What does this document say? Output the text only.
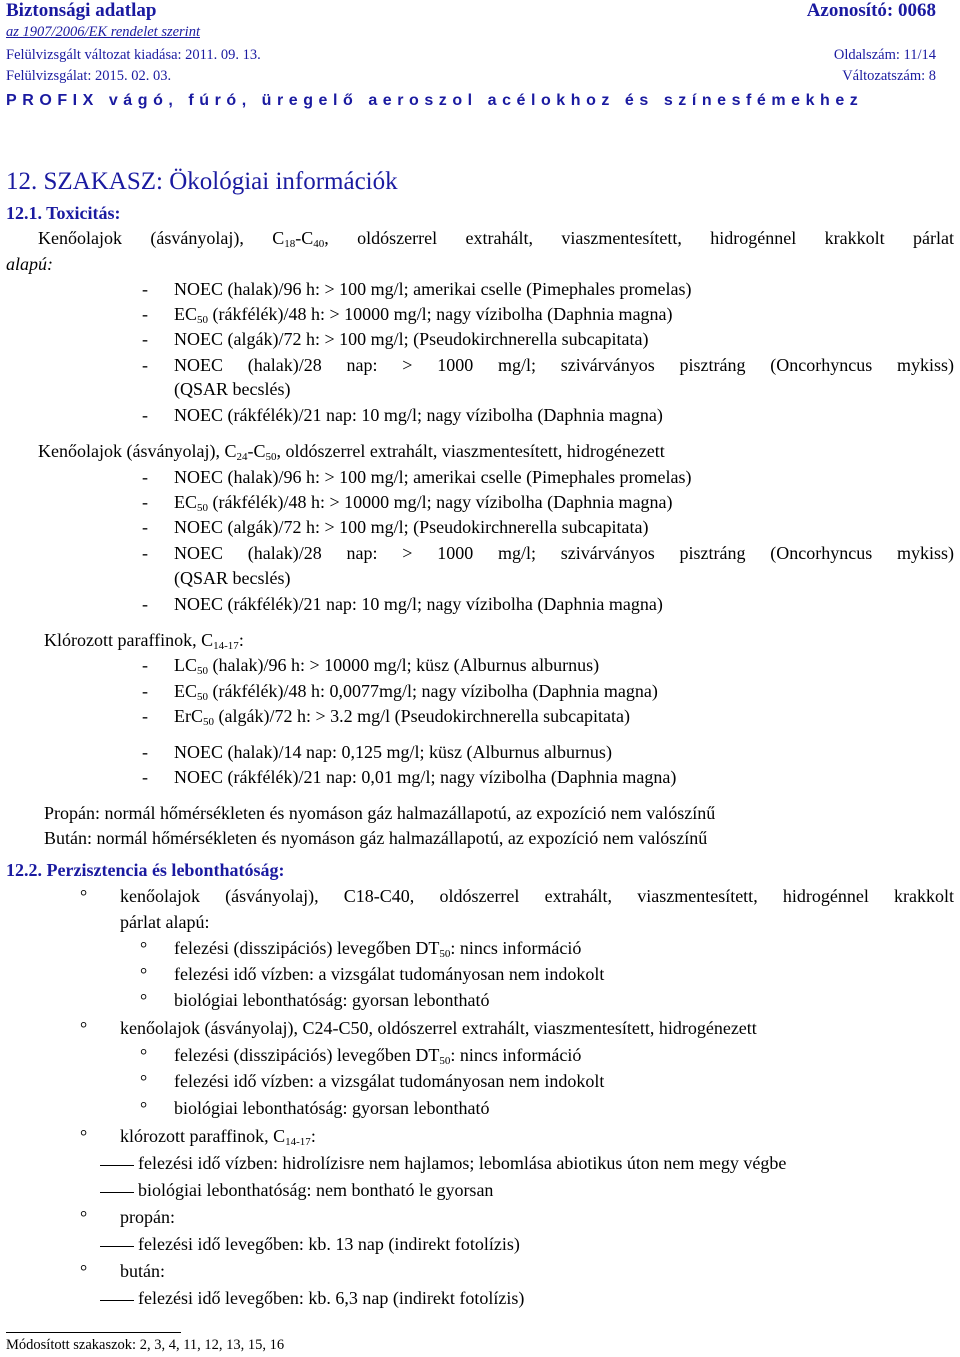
Biztonsági adatlap	Azonosító: 0068
az 1907/2006/EK rendelet szerint
Felülvizsgált változat kiadása: 2011. 09. 13.	Oldalszám: 11/14
Felülvizsgálat: 2015. 02. 03.	Változatszám: 8
PROFIX vágó, fúró, üregelő aeroszol acélokhoz és színesfémekhez
12. SZAKASZ: Ökológiai információk
12.1. Toxicitás:
Kenőolajok (ásványolaj), $C_{18}-C_{40}$, oldószerrel extrahált, viaszmentesített, hidrogénnel krakkolt párlat
alapú:
- NOEC (halak)/96 h: > 100 mg/l; amerikai cselle (Pimephales promelas)
- $EC_{50}$ (rákfélék)/48 h: > 10000 mg/l; nagy vízibolha (Daphnia magna)
- NOEC (algák)/72 h: > 100 mg/l; (Pseudokirchnerella subcapitata)
- NOEC (halak)/28 nap: > 1000 mg/l; szivárványos pisztráng (Oncorhyncus mykiss)
(QSAR becslés)
- NOEC (rákfélék)/21 nap: 10 mg/l; nagy vízibolha (Daphnia magna)
Kenőolajok (ásványolaj), $C_{24}-C_{50}$, oldószerrel extrahált, viaszmentesített, hidrogénezett
- NOEC (halak)/96 h: > 100 mg/l; amerikai cselle (Pimephales promelas)
- $EC_{50}$ (rákfélék)/48 h: > 10000 mg/l; nagy vízibolha (Daphnia magna)
- NOEC (algák)/72 h: > 100 mg/l; (Pseudokirchnerella subcapitata)
- NOEC (halak)/28 nap: > 1000 mg/l; szivárványos pisztráng (Oncorhyncus mykiss)
(QSAR becslés)
- NOEC (rákfélék)/21 nap: 10 mg/l; nagy vízibolha (Daphnia magna)
Klórozott paraffinok, $C_{14-17}$:
- $LC_{50}$ (halak)/96 h: > 10000 mg/l; küsz (Alburnus alburnus)
- $EC_{50}$ (rákfélék)/48 h: 0,0077mg/l; nagy vízibolha (Daphnia magna)
- ErC$_{50}$ (algák)/72 h: > 3.2 mg/l (Pseudokirchnerella subcapitata)
- NOEC (halak)/14 nap: 0,125 mg/l; küsz (Alburnus alburnus)
- NOEC (rákfélék)/21 nap: 0,01 mg/l; nagy vízibolha (Daphnia magna)
Propán: normál hőmérsékleten és nyomáson gáz halmazállapotú, az expozíció nem valószínű
Bután: normál hőmérsékleten és nyomáson gáz halmazállapotú, az expozíció nem valószínű
12.2. Perzisztencia és lebonthatóság:
° kenőolajok (ásványolaj), C18-C40, oldószerrel extrahált, viaszmentesített, hidrogénnel krakkolt
párlat alapú:
° felezési (disszipációs) levegőben $DT_{50}$: nincs információ
° felezési idő vízben: a vizsgálat tudományosan nem indokolt
° biológiai lebonthatóság: gyorsan lebontható
° kenőolajok (ásványolaj), C24-C50, oldószerrel extrahált, viaszmentesített, hidrogénezett
° felezési (disszipációs) levegőben $DT_{50}$: nincs információ
° felezési idő vízben: a vizsgálat tudományosan nem indokolt
° biológiai lebonthatóság: gyorsan lebontható
° klórozott paraffinok, $C_{14-17}$:
felezési idő vízben: hidrolízisre nem hajlamos; lebomlása abiotikus úton nem megy végbe
biológiai lebonthatóság: nem bontható le gyorsan
° propán:
felezési idő levegőben: kb. 13 nap (indirekt fotolízis)
° bután:
felezési idő levegőben: kb. 6,3 nap (indirekt fotolízis)
Módosított szakaszok: 2, 3, 4, 11, 12, 13, 15, 16
